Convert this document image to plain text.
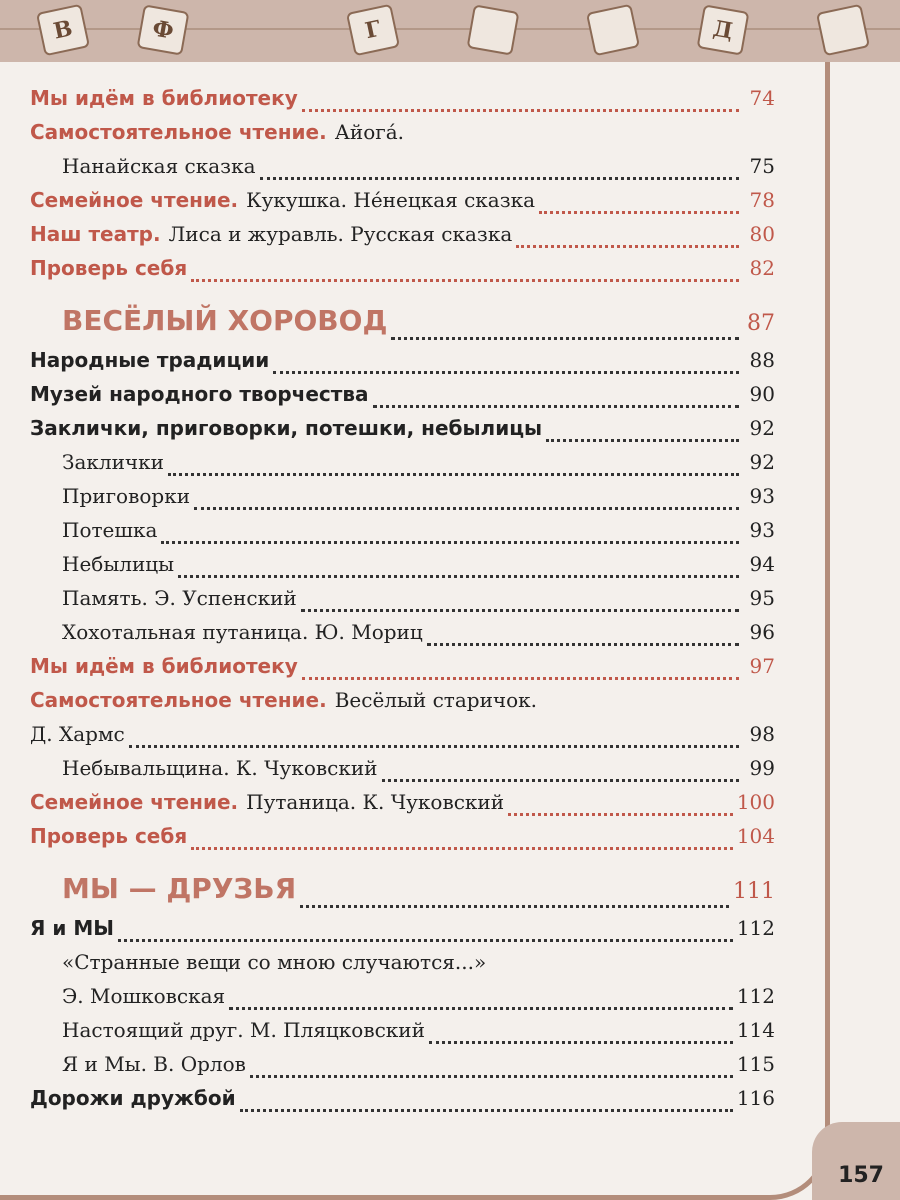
В	Ф	Г	Д
157
Мы идём в библиотеку	74
Самостоятельное чтение. Айога́.
Нанайская сказка	75
Семейное чтение. Кукушка. Не́нецкая сказка	78
Наш театр. Лиса и журавль. Русская сказка	80
Проверь себя	82
ВЕСЁЛЫЙ ХОРОВОД	87
Народные традиции	88
Музей народного творчества	90
Заклички, приговорки, потешки, небылицы	92
Заклички	92
Приговорки	93
Потешка	93
Небылицы	94
Память. Э. Успенский	95
Хохотальная путаница. Ю. Мориц	96
Мы идём в библиотеку	97
Самостоятельное чтение. Весёлый старичок.
Д. Хармс	98
Небывальщина. К. Чуковский	99
Семейное чтение. Путаница. К. Чуковский	100
Проверь себя	104
МЫ — ДРУЗЬЯ	111
Я и МЫ	112
«Странные вещи со мною случаются...»
Э. Мошковская	112
Настоящий друг. М. Пляцковский	114
Я и Мы. В. Орлов	115
Дорожи дружбой	116
